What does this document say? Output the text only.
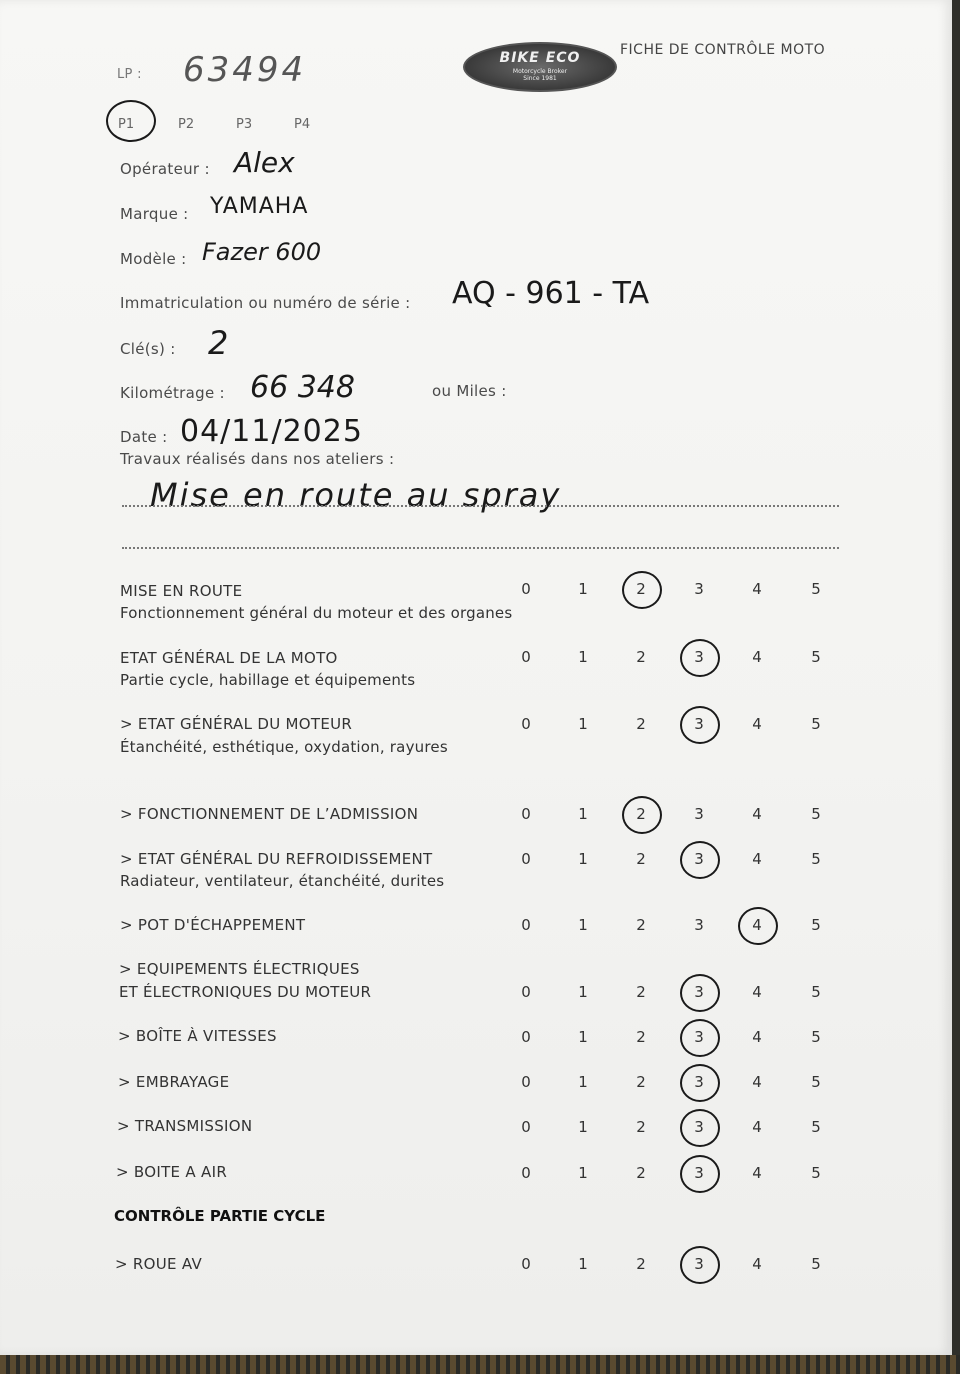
LP : 63494
P1	P2	P3	P4
BIKE ECO
Motorcycle Broker
Since 1981
FICHE DE CONTRÔLE MOTO
Opérateur : Alex
Marque : YAMAHA
Modèle : Fazer 600
Immatriculation ou numéro de série : AQ - 961 - TA
Clé(s) : 2
Kilométrage : 66 348	ou Miles :
Date : 04/11/2025
Travaux réalisés dans nos ateliers :
Mise en route au spray
MISE EN ROUTE
Fonctionnement général du moteur et des organes
0	1	2	3	4	5
ETAT GÉNÉRAL DE LA MOTO
Partie cycle, habillage et équipements
0	1	2	3	4	5
> ETAT GÉNÉRAL DU MOTEUR
Étanchéité, esthétique, oxydation, rayures
0	1	2	3	4	5
> FONCTIONNEMENT DE L’ADMISSION	0	1	2	3	4	5
> ETAT GÉNÉRAL DU REFROIDISSEMENT
Radiateur, ventilateur, étanchéité, durites
0	1	2	3	4	5
> POT D'ÉCHAPPEMENT	0	1	2	3	4	5
> EQUIPEMENTS ÉLECTRIQUES
ET ÉLECTRONIQUES DU MOTEUR	0	1	2	3	4	5
> BOÎTE À VITESSES	0	1	2	3	4	5
> EMBRAYAGE	0	1	2	3	4	5
> TRANSMISSION	0	1	2	3	4	5
> BOITE A AIR	0	1	2	3	4	5
CONTRÔLE PARTIE CYCLE
> ROUE AV	0	1	2	3	4	5
